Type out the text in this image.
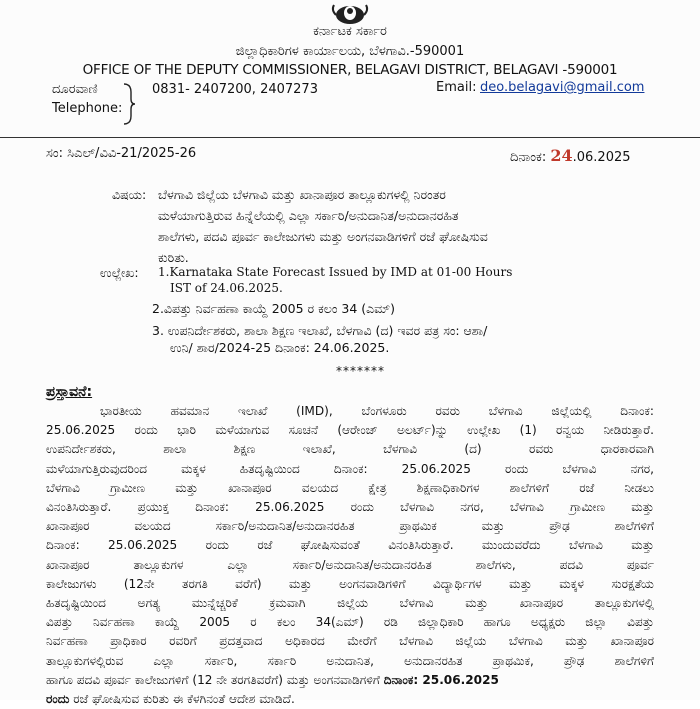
ಕರ್ನಾಟಕ ಸರ್ಕಾರ
ಜಿಲ್ಲಾಧಿಕಾರಿಗಳ ಕಾರ್ಯಾಲಯ, ಬೆಳಗಾವಿ.-590001
OFFICE OF THE DEPUTY COMMISSIONER, BELAGAVI DISTRICT, BELAGAVI -590001
ದೂರವಾಣಿ
Telephone:
0831- 2407200, 2407273	Email: deo.belagavi@gmail.com
ಸಂ: ಸಿಎಲ್/ವಿವಿ-21/2025-26	ದಿನಾಂಕ: 24.06.2025
ವಿಷಯ: ಬೆಳಗಾವಿ ಜಿಲ್ಲೆಯ ಬೆಳಗಾವಿ ಮತ್ತು ಖಾನಾಪೂರ ತಾಲ್ಲೂಕುಗಳಲ್ಲಿ ನಿರಂತರ
ಮಳೆಯಾಗುತ್ತಿರುವ ಹಿನ್ನೆಲೆಯಲ್ಲಿ ಎಲ್ಲಾ ಸರ್ಕಾರಿ/ಅನುದಾನಿತ/ಅನುದಾನರಹಿತ
ಶಾಲೆಗಳು, ಪದವಿ ಪೂರ್ವ ಕಾಲೇಜುಗಳು ಮತ್ತು ಅಂಗನವಾಡಿಗಳಿಗೆ ರಜೆ ಘೋಷಿಸುವ
ಕುರಿತು.
ಉಲ್ಲೇಖ: 1.Karnataka State Forecast Issued by IMD at 01-00 Hours
IST of 24.06.2025.
2.ವಿಪತ್ತು ನಿರ್ವಹಣಾ ಕಾಯ್ದೆ 2005 ರ ಕಲಂ 34 (ಎಮ್)
3. ಉಪನಿರ್ದೇಶಕರು, ಶಾಲಾ ಶಿಕ್ಷಣ ಇಲಾಖೆ, ಬೆಳಗಾವಿ (ದ) ಇವರ ಪತ್ರ ಸಂ: ಆಶಾ/
ಉನಿ/ ಶಾರ/2024-25 ದಿನಾಂಕ: 24.06.2025.
*******
ಪ್ರಸ್ತಾವನೆ:
ಭಾರತೀಯ ಹವಮಾನ ಇಲಾಖೆ (IMD), ಬೆಂಗಳೂರು ರವರು ಬೆಳಗಾವಿ ಜಿಲ್ಲೆಯಲ್ಲಿ ದಿನಾಂಕ:
25.06.2025 ರಂದು ಭಾರಿ ಮಳೆಯಾಗುವ ಸೂಚನೆ (ಆರೇಂಜ್ ಅಲರ್ಟ್‌)ನ್ನು ಉಲ್ಲೇಖ (1) ರನ್ವಯ ನೀಡಿರುತ್ತಾರೆ.
ಉಪನಿರ್ದೇಶಕರು, ಶಾಲಾ ಶಿಕ್ಷಣ ಇಲಾಖೆ, ಬೆಳಗಾವಿ (ದ) ರವರು ಧಾರಕಾರವಾಗಿ
ಮಳೆಯಾಗುತ್ತಿರುವುದರಿಂದ ಮಕ್ಕಳ ಹಿತದೃಷ್ಟಿಯಿಂದ ದಿನಾಂಕ: 25.06.2025 ರಂದು ಬೆಳಗಾವಿ ನಗರ,
ಬೆಳಗಾವಿ ಗ್ರಾಮೀಣ ಮತ್ತು ಖಾನಾಪೂರ ವಲಯದ ಕ್ಷೇತ್ರ ಶಿಕ್ಷಣಾಧಿಕಾರಿಗಳ ಶಾಲೆಗಳಿಗೆ ರಜೆ ನೀಡಲು
ವಿನಂತಿಸಿರುತ್ತಾರೆ. ಪ್ರಯುಕ್ತ ದಿನಾಂಕ: 25.06.2025 ರಂದು ಬೆಳಗಾವಿ ನಗರ, ಬೆಳಗಾವಿ ಗ್ರಾಮೀಣ ಮತ್ತು
ಖಾನಾಪೂರ ವಲಯದ ಸರ್ಕಾರಿ/ಅನುದಾನಿತ/ಅನುದಾನರಹಿತ ಪ್ರಾಥಮಿಕ ಮತ್ತು ಪ್ರೌಢ ಶಾಲೆಗಳಿಗೆ
ದಿನಾಂಕ: 25.06.2025 ರಂದು ರಜೆ ಘೋಷಿಸುವಂತೆ ವಿನಂತಿಸಿರುತ್ತಾರೆ. ಮುಂದುವರೆದು ಬೆಳಗಾವಿ ಮತ್ತು
ಖಾನಾಪೂರ ತಾಲ್ಲೂಕುಗಳ ಎಲ್ಲಾ ಸರ್ಕಾರಿ/ಅನುದಾನಿತ/ಅನುದಾನರಹಿತ ಶಾಲೆಗಳು, ಪದವಿ ಪೂರ್ವ
ಕಾಲೇಜುಗಳು (12ನೇ ತರಗತಿ ವರೆಗೆ) ಮತ್ತು ಅಂಗನವಾಡಿಗಳಿಗೆ ವಿದ್ಯಾರ್ಥಿಗಳ ಮತ್ತು ಮಕ್ಕಳ ಸುರಕ್ಷತೆಯ
ಹಿತದೃಷ್ಟಿಯಿಂದ ಅಗತ್ಯ ಮುನ್ನೆಚ್ಚರಿಕೆ ಕ್ರಮವಾಗಿ ಜಿಲ್ಲೆಯ ಬೆಳಗಾವಿ ಮತ್ತು ಖಾನಾಪೂರ ತಾಲ್ಲೂಕುಗಳಲ್ಲಿ
ವಿಪತ್ತು ನಿರ್ವಹಣಾ ಕಾಯ್ದೆ 2005 ರ ಕಲಂ 34(ಎಮ್) ರಡಿ ಜಿಲ್ಲಾಧಿಕಾರಿ ಹಾಗೂ ಅಧ್ಯಕ್ಷರು ಜಿಲ್ಲಾ ವಿಪತ್ತು
ನಿರ್ವಹಣಾ ಪ್ರಾಧಿಕಾರ ರವರಿಗೆ ಪ್ರದತ್ತವಾದ ಅಧಿಕಾರದ ಮೇರೆಗೆ ಬೆಳಗಾವಿ ಜಿಲ್ಲೆಯ ಬೆಳಗಾವಿ ಮತ್ತು ಖಾನಾಪೂರ
ತಾಲ್ಲೂಕುಗಳಲ್ಲಿರುವ ಎಲ್ಲಾ ಸರ್ಕಾರಿ, ಸರ್ಕಾರಿ ಅನುದಾನಿತ, ಅನುದಾನರಹಿತ ಪ್ರಾಥಮಿಕ, ಪ್ರೌಢ ಶಾಲೆಗಳಿಗೆ
ಹಾಗೂ ಪದವಿ ಪೂರ್ವ ಕಾಲೇಜುಗಳಿಗೆ (12 ನೇ ತರಗತಿವರೆಗೆ) ಮತ್ತು ಅಂಗನವಾಡಿಗಳಿಗೆ ದಿನಾಂಕ: 25.06.2025
ರಂದು ರಜೆ ಘೋಷಿಸುವ ಕುರಿತು ಈ ಕೆಳಗಿನಂತೆ ಆದೇಶ ಮಾಡಿದೆ.
